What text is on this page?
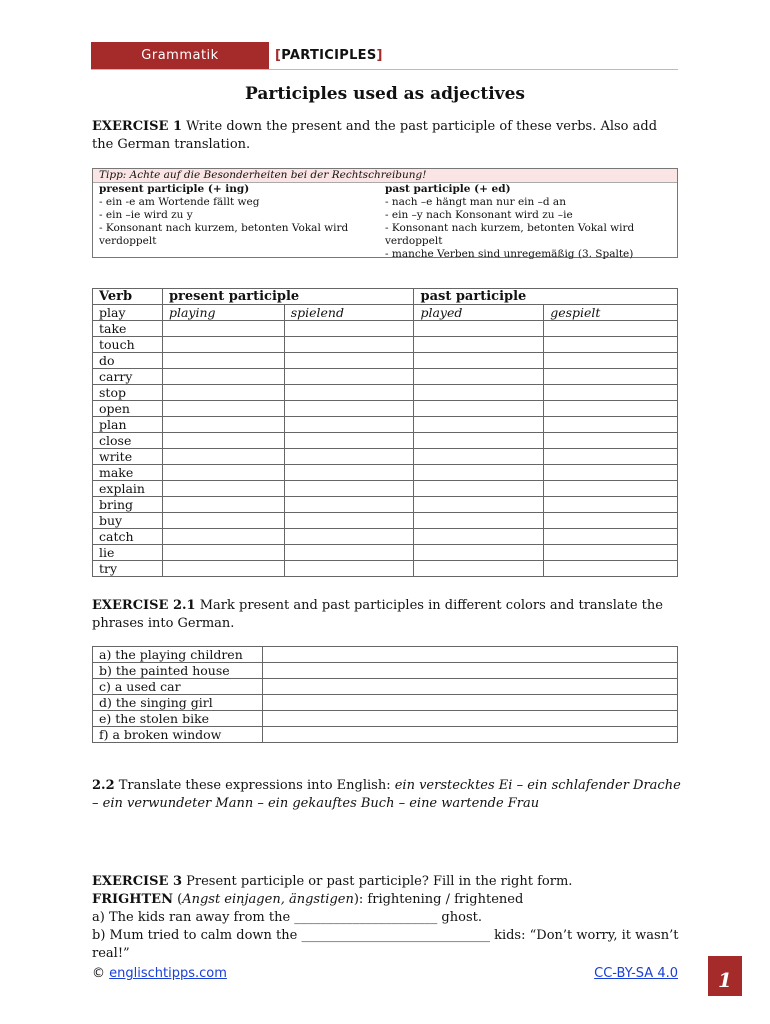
Grammatik	[PARTICIPLES]
Participles used as adjectives
EXERCISE 1 Write down the present and the past participle of these verbs. Also add the German translation.
Tipp: Achte auf die Besonderheiten bei der Rechtschreibung!
present participle (+ ing)
- ein -e am Wortende fällt weg
- ein –ie wird zu y
- Konsonant nach kurzem, betonten Vokal wird verdoppelt
past participle (+ ed)
- nach –e hängt man nur ein –d an
- ein –y nach Konsonant wird zu –ie
- Konsonant nach kurzem, betonten Vokal wird verdoppelt
- manche Verben sind unregemäßig (3. Spalte)
Verb	present participle		past participle	
play	playing	spielend	played	gespielt
take				
touch				
do				
carry				
stop				
open				
plan				
close				
write				
make				
explain				
bring				
buy				
catch				
lie				
try				
EXERCISE 2.1 Mark present and past participles in different colors and translate the phrases into German.
a) the playing children	
b) the painted house	
c) a used car	
d) the singing girl	
e) the stolen bike	
f) a broken window	
2.2 Translate these expressions into English: ein verstecktes Ei – ein schlafender Drache – ein verwundeter Mann – ein gekauftes Buch – eine wartende Frau
EXERCISE 3 Present participle or past participle? Fill in the right form.
FRIGHTEN (Angst einjagen, ängstigen): frightening / frightened
a) The kids ran away from the ______________________ ghost.
b) Mum tried to calm down the _____________________________ kids: “Don’t worry, it wasn’t real!”
© englischtipps.com	CC-BY-SA 4.0	1
